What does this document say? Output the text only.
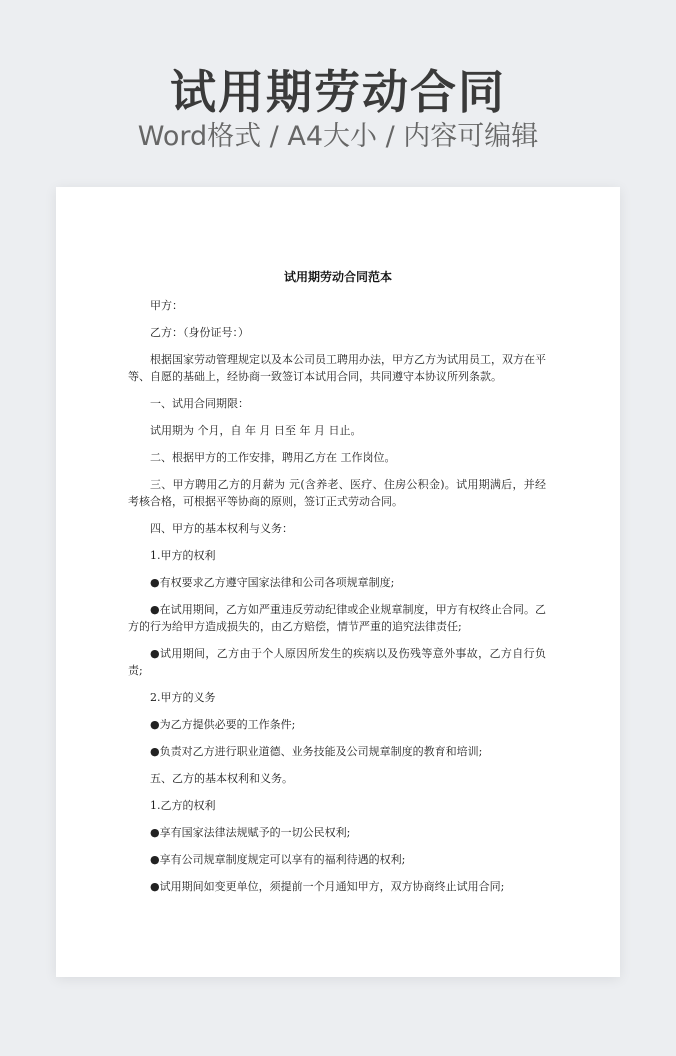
试用期劳动合同
Word格式 / A4大小 / 内容可编辑
试用期劳动合同范本

甲方：

乙方：（身份证号：）

根据国家劳动管理规定以及本公司员工聘用办法，甲方乙方为试用员工，双方在平等、自愿的基础上，经协商一致签订本试用合同，共同遵守本协议所列条款。

一、试用合同期限：

试用期为 个月，自 年 月 日至 年 月 日止。

二、根据甲方的工作安排，聘用乙方在 工作岗位。

三、甲方聘用乙方的月薪为 元(含养老、医疗、住房公积金)。试用期满后，并经考核合格，可根据平等协商的原则，签订正式劳动合同。

四、甲方的基本权利与义务：

1.甲方的权利

●有权要求乙方遵守国家法律和公司各项规章制度;

●在试用期间，乙方如严重违反劳动纪律或企业规章制度，甲方有权终止合同。乙方的行为给甲方造成损失的，由乙方赔偿，情节严重的追究法律责任;

●试用期间，乙方由于个人原因所发生的疾病以及伤残等意外事故，乙方自行负责;

2.甲方的义务

●为乙方提供必要的工作条件;

●负责对乙方进行职业道德、业务技能及公司规章制度的教育和培训;

五、乙方的基本权利和义务。

1.乙方的权利

●享有国家法律法规赋予的一切公民权利;

●享有公司规章制度规定可以享有的福利待遇的权利;

●试用期间如变更单位，须提前一个月通知甲方，双方协商终止试用合同;
